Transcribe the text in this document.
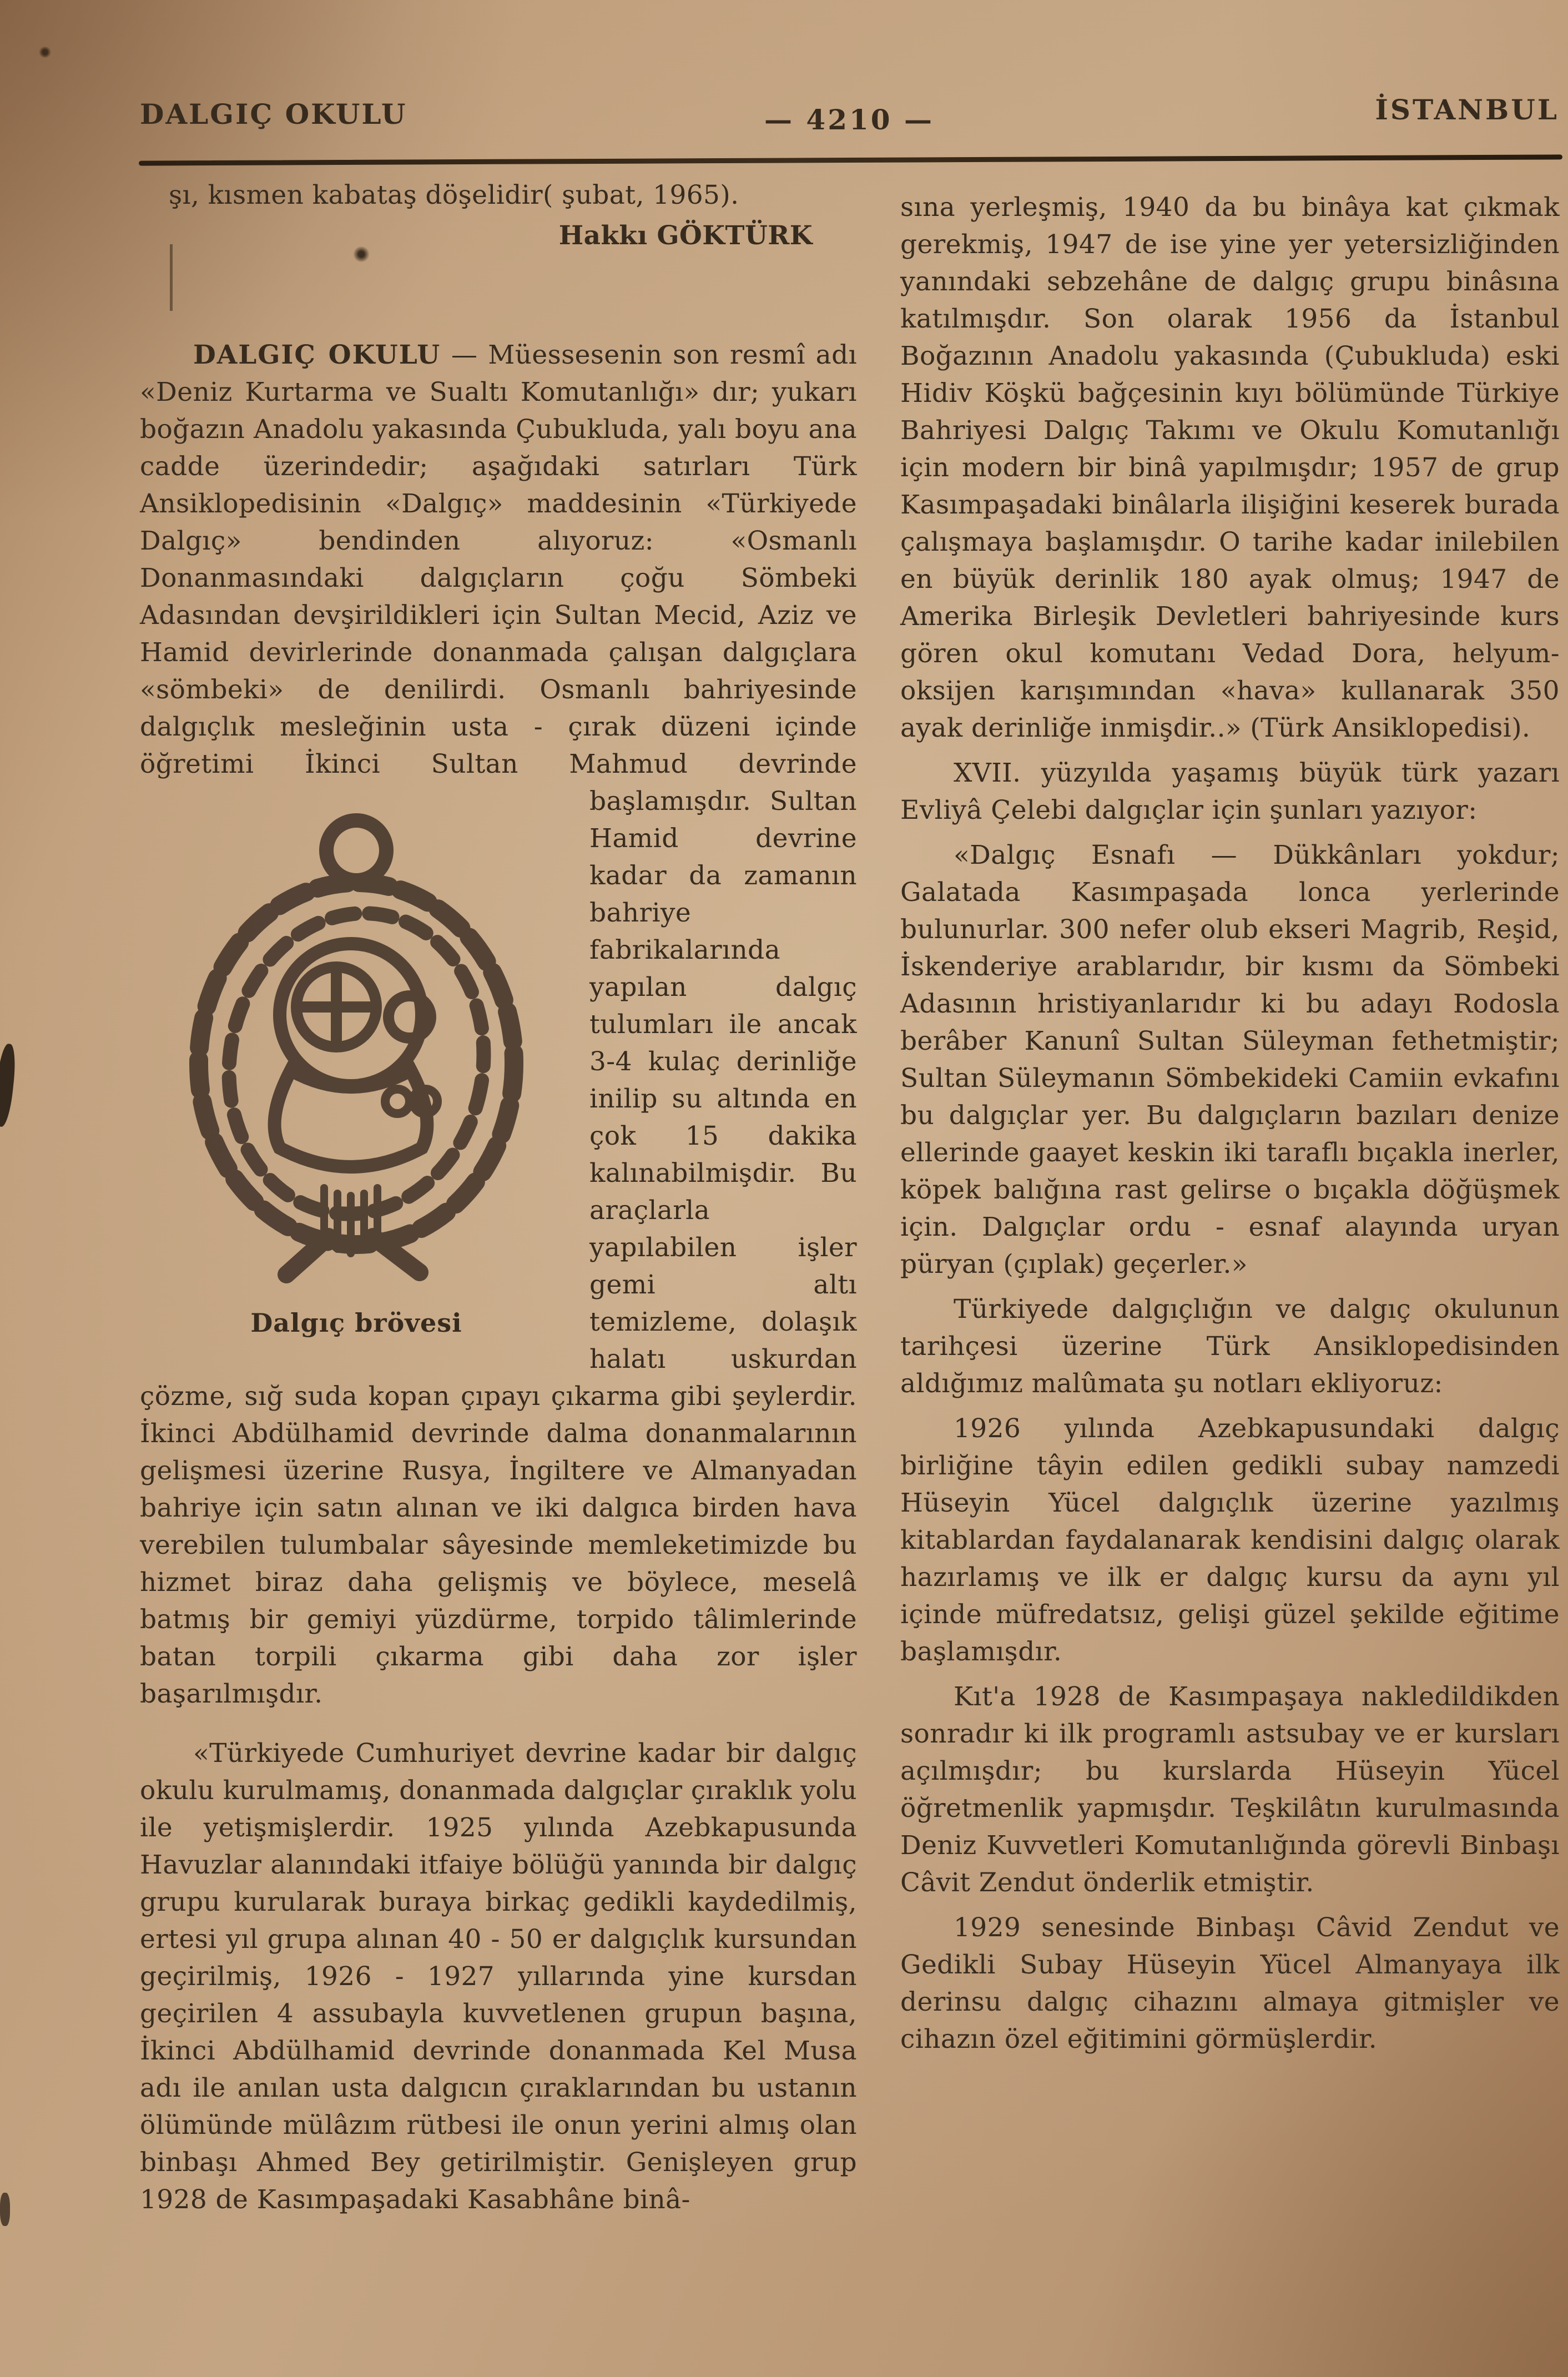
DALGIÇ OKULU	— 4210 —	İSTANBUL

şı, kısmen kabataş döşelidir( şubat, 1965).

Hakkı GÖKTÜRK

DALGIÇ OKULU — Müessesenin son resmî adı «Deniz Kurtarma ve Sualtı Komutanlığı» dır; yukarı boğazın Anadolu yakasında Çubukluda, yalı boyu ana cadde üzerindedir; aşağıdaki satırları Türk Ansiklopedisinin «Dalgıç» maddesinin «Türkiyede Dalgıç» bendinden alıyoruz: «Osmanlı Donanmasındaki dalgıçların çoğu Sömbeki Adasından devşirildikleri için Sultan Mecid, Aziz ve Hamid devirlerinde donanmada çalışan dalgıçlara «sömbeki» de denilirdi. Osmanlı bahriyesinde dalgıçlık mesleğinin usta - çırak düzeni içinde öğretimi İkinci Sultan Mahmud devrinde başlamışdır.
Dalgıç brövesi
Sultan Hamid devrine kadar da zamanın bahriye fabrikalarında yapılan dalgıç tulumları ile ancak 3-4 kulaç derinliğe inilip su altında en çok 15 dakika kalınabilmişdir. Bu araçlarla yapılabilen işler gemi altı temizleme, dolaşık halatı uskurdan çözme, sığ suda kopan çıpayı çıkarma gibi şeylerdir. İkinci Abdülhamid devrinde dalma donanmalarının gelişmesi üzerine Rusya, İngiltere ve Almanyadan bahriye için satın alınan ve iki dalgıca birden hava verebilen tulumbalar sâyesinde memleketimizde bu hizmet biraz daha gelişmiş ve böylece, meselâ batmış bir gemiyi yüzdürme, torpido tâlimlerinde batan torpili çıkarma gibi daha zor işler başarılmışdır.

«Türkiyede Cumhuriyet devrine kadar bir dalgıç okulu kurulmamış, donanmada dalgıçlar çıraklık yolu ile yetişmişlerdir. 1925 yılında Azebkapusunda Havuzlar alanındaki itfaiye bölüğü yanında bir dalgıç grupu kurularak buraya birkaç gedikli kaydedilmiş, ertesi yıl grupa alınan 40 - 50 er dalgıçlık kursundan geçirilmiş, 1926 - 1927 yıllarında yine kursdan geçirilen 4 assubayla kuvvetlenen grupun başına, İkinci Abdülhamid devrinde donanmada Kel Musa adı ile anılan usta dalgıcın çıraklarından bu ustanın ölümünde mülâzım rütbesi ile onun yerini almış olan binbaşı Ahmed Bey getirilmiştir. Genişleyen grup 1928 de Kasımpaşadaki Kasabhâne binâ-

sına yerleşmiş, 1940 da bu binâya kat çıkmak gerekmiş, 1947 de ise yine yer yetersizliğinden yanındaki sebzehâne de dalgıç grupu binâsına katılmışdır. Son olarak 1956 da İstanbul Boğazının Anadolu yakasında (Çubukluda) eski Hidiv Köşkü bağçesinin kıyı bölümünde Türkiye Bahriyesi Dalgıç Takımı ve Okulu Komutanlığı için modern bir binâ yapılmışdır; 1957 de grup Kasımpaşadaki binâlarla ilişiğini keserek burada çalışmaya başlamışdır. O tarihe kadar inilebilen en büyük derinlik 180 ayak olmuş; 1947 de Amerika Birleşik Devletleri bahriyesinde kurs gören okul komutanı Vedad Dora, helyum-oksijen karışımından «hava» kullanarak 350 ayak derinliğe inmişdir..» (Türk Ansiklopedisi).

XVII. yüzyılda yaşamış büyük türk yazarı Evliyâ Çelebi dalgıçlar için şunları yazıyor:

«Dalgıç Esnafı — Dükkânları yokdur; Galatada Kasımpaşada lonca yerlerinde bulunurlar. 300 nefer olub ekseri Magrib, Reşid, İskenderiye arablarıdır, bir kısmı da Sömbeki Adasının hristiyanlarıdır ki bu adayı Rodosla berâber Kanunî Sultan Süleyman fethetmiştir; Sultan Süleymanın Sömbekideki Camiin evkafını bu dalgıçlar yer. Bu dalgıçların bazıları denize ellerinde gaayet keskin iki taraflı bıçakla inerler, köpek balığına rast gelirse o bıçakla döğüşmek için. Dalgıçlar ordu - esnaf alayında uryan püryan (çıplak) geçerler.»

Türkiyede dalgıçlığın ve dalgıç okulunun tarihçesi üzerine Türk Ansiklopedisinden aldığımız malûmata şu notları ekliyoruz:

1926 yılında Azebkapusundaki dalgıç birliğine tâyin edilen gedikli subay namzedi Hüseyin Yücel dalgıçlık üzerine yazılmış kitablardan faydalanarak kendisini dalgıç olarak hazırlamış ve ilk er dalgıç kursu da aynı yıl içinde müfredatsız, gelişi güzel şekilde eğitime başlamışdır.

Kıt'a 1928 de Kasımpaşaya nakledildikden sonradır ki ilk programlı astsubay ve er kursları açılmışdır; bu kurslarda Hüseyin Yücel öğretmenlik yapmışdır. Teşkilâtın kurulmasında Deniz Kuvvetleri Komutanlığında görevli Binbaşı Câvit Zendut önderlik etmiştir.

1929 senesinde Binbaşı Câvid Zendut ve Gedikli Subay Hüseyin Yücel Almanyaya ilk derinsu dalgıç cihazını almaya gitmişler ve cihazın özel eğitimini görmüşlerdir.
